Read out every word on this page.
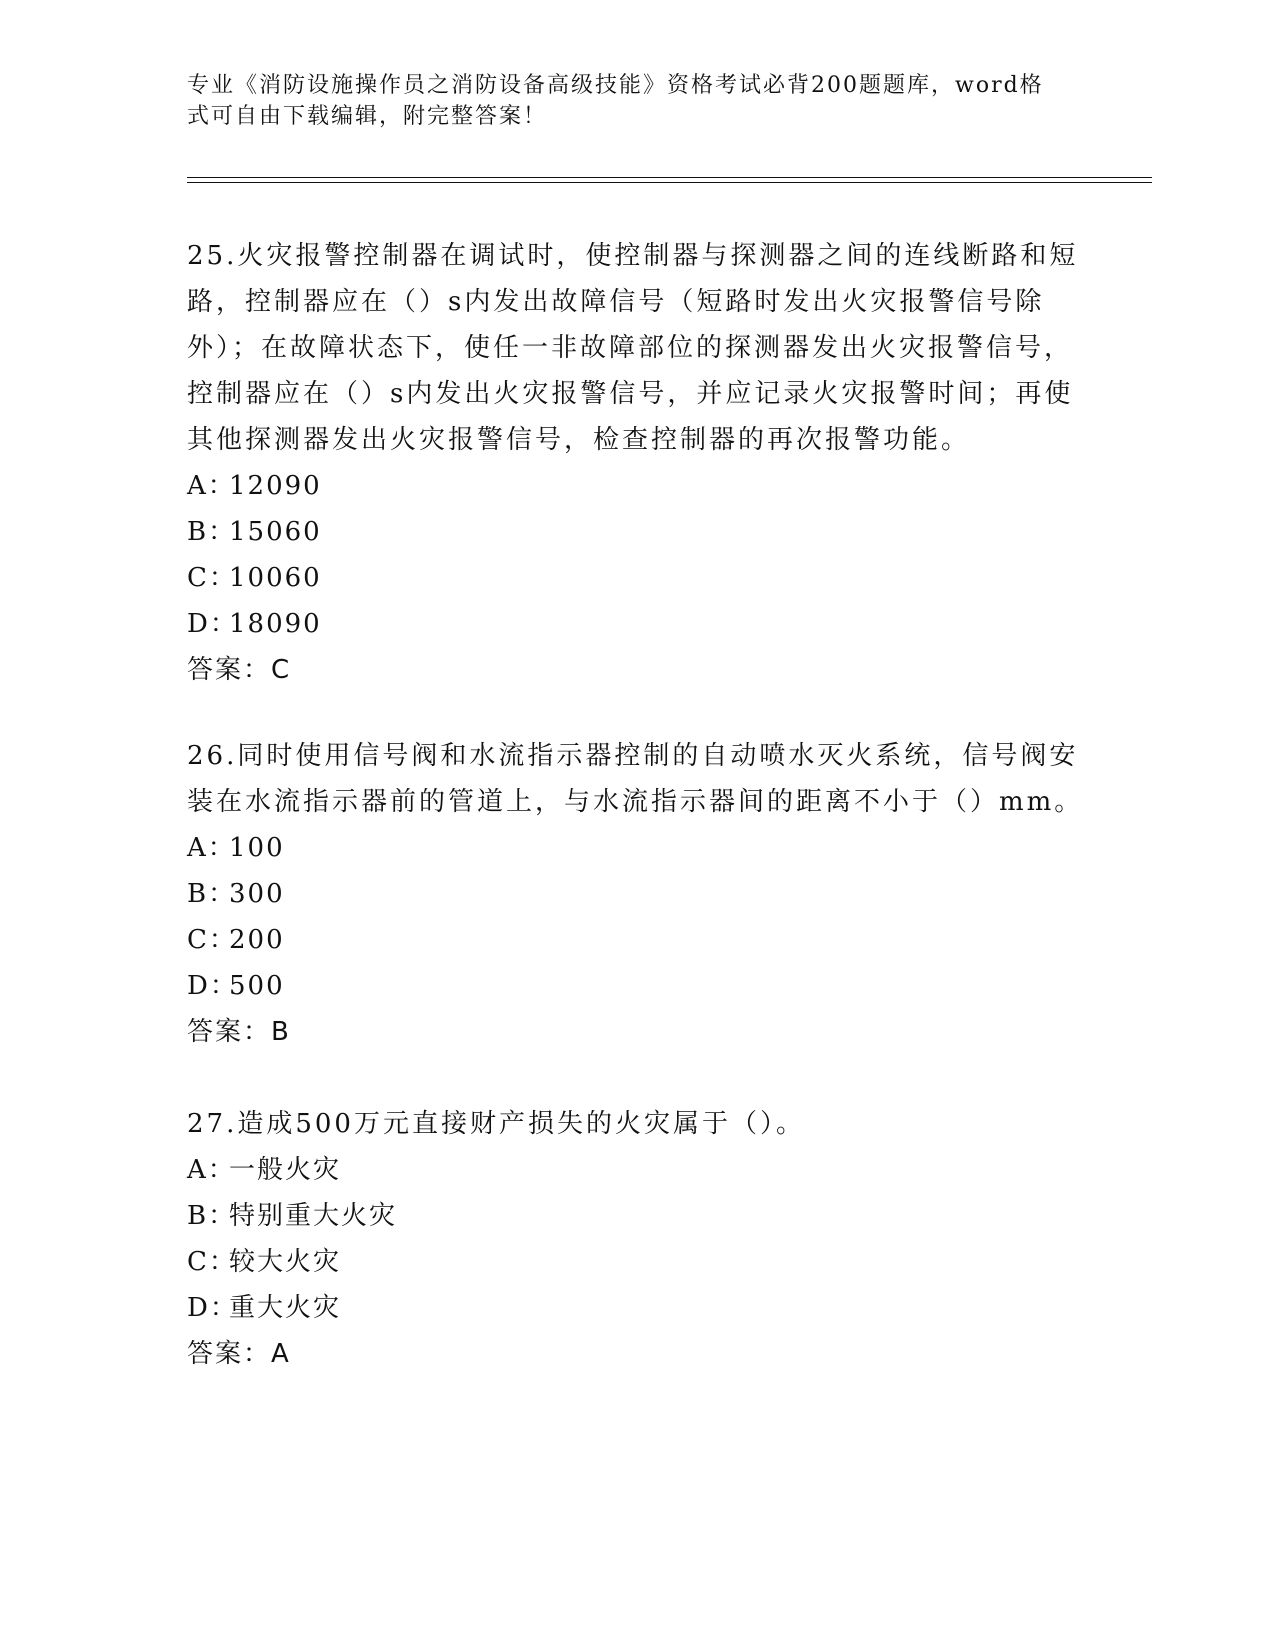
专业《消防设施操作员之消防设备高级技能》资格考试必背200题题库，word格式可自由下载编辑，附完整答案！

25.火灾报警控制器在调试时，使控制器与探测器之间的连线断路和短路，控制器应在（）s内发出故障信号（短路时发出火灾报警信号除外）；在故障状态下，使任一非故障部位的探测器发出火灾报警信号，控制器应在（）s内发出火灾报警信号，并应记录火灾报警时间；再使其他探测器发出火灾报警信号，检查控制器的再次报警功能。

A：12090

B：15060

C：10060

D：18090

答案：C

26.同时使用信号阀和水流指示器控制的自动喷水灭火系统，信号阀安装在水流指示器前的管道上，与水流指示器间的距离不小于（）mm。

A：100

B：300

C：200

D：500

答案：B

27.造成500万元直接财产损失的火灾属于（）。

A：一般火灾

B：特别重大火灾

C：较大火灾

D：重大火灾

答案：A
